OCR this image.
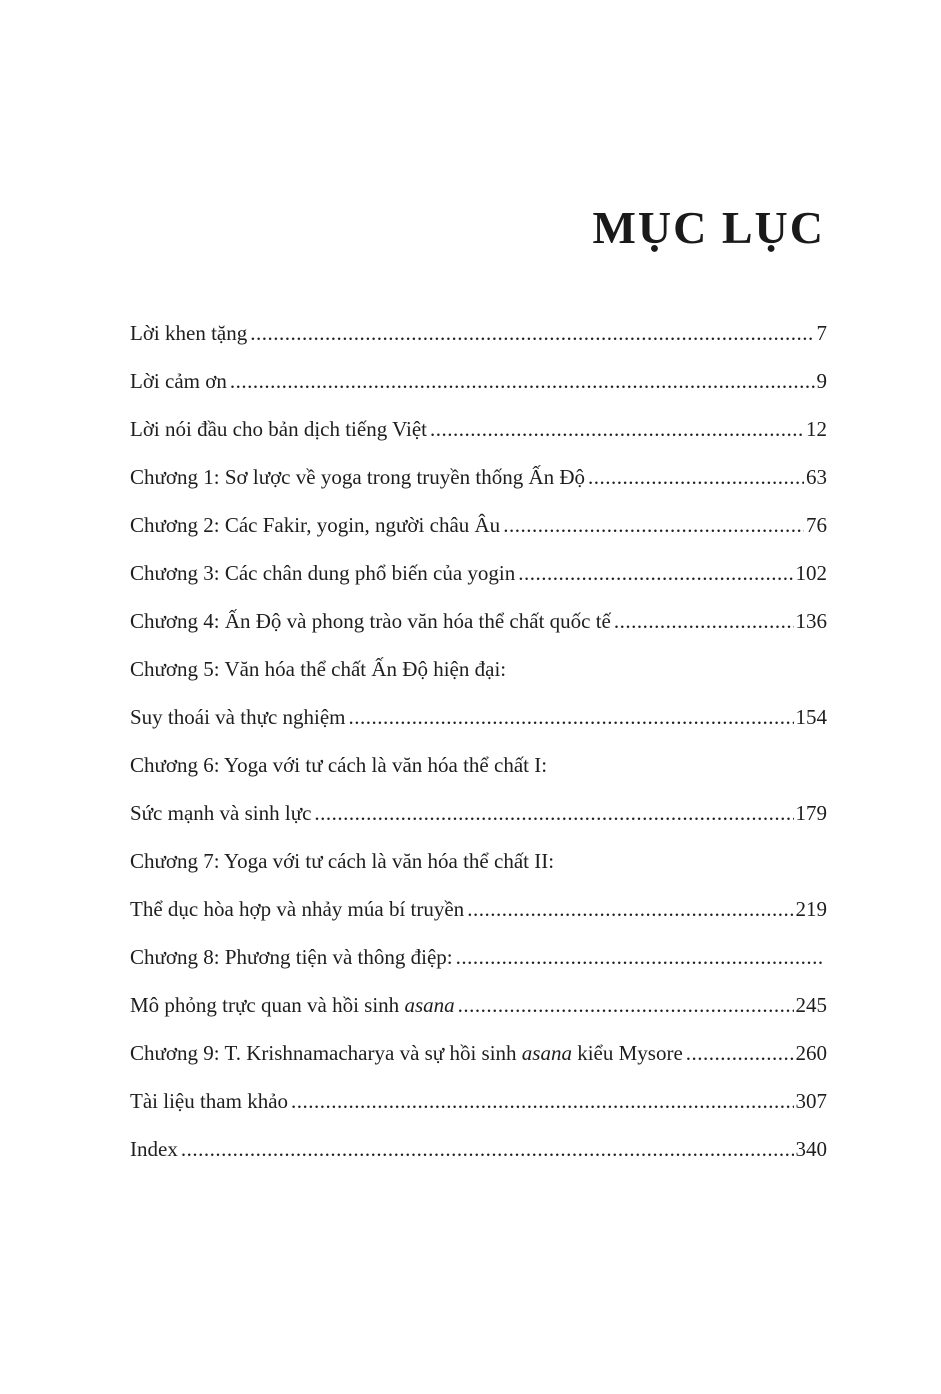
MỤC LỤC
Lời khen tặng .....	7
Lời cảm ơn .....	9
Lời nói đầu cho bản dịch tiếng Việt .....	12
Chương 1: Sơ lược về yoga trong truyền thống Ấn Độ .....	63
Chương 2: Các Fakir, yogin, người châu Âu .....	76
Chương 3: Các chân dung phổ biến của yogin .....	102
Chương 4: Ấn Độ và phong trào văn hóa thể chất quốc tế .....	136
Chương 5: Văn hóa thể chất Ấn Độ hiện đại:
Suy thoái và thực nghiệm .....	154
Chương 6: Yoga với tư cách là văn hóa thể chất I:
Sức mạnh và sinh lực .....	179
Chương 7: Yoga với tư cách là văn hóa thể chất II:
Thể dục hòa hợp và nhảy múa bí truyền .....	219
Chương 8: Phương tiện và thông điệp:
.....
Mô phỏng trực quan và hồi sinh asana .....	245
Chương 9: T. Krishnamacharya và sự hồi sinh asana kiểu Mysore .....	260
Tài liệu tham khảo .....	307
Index .....	340
